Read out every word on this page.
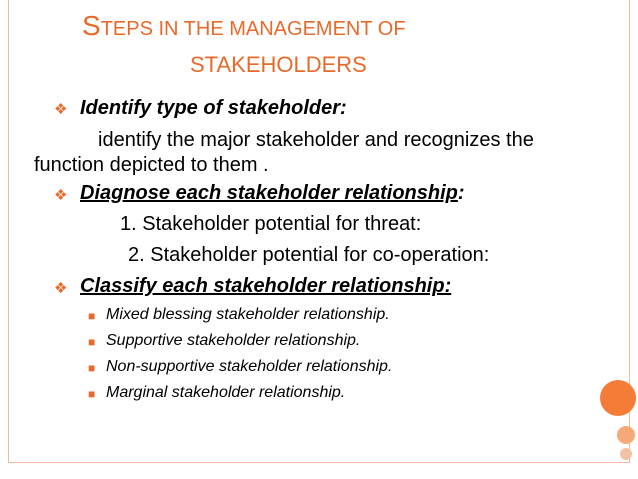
STEPS IN THE MANAGEMENT OF
STAKEHOLDERS
❖ Identify type of stakeholder:
identify the major stakeholder and recognizes the
function depicted to them .
❖ Diagnose each stakeholder relationship:
1. Stakeholder potential for threat:
2. Stakeholder potential for co-operation:
❖ Classify each stakeholder relationship:
■ Mixed blessing stakeholder relationship.
■ Supportive stakeholder relationship.
■ Non-supportive stakeholder relationship.
■ Marginal stakeholder relationship.
